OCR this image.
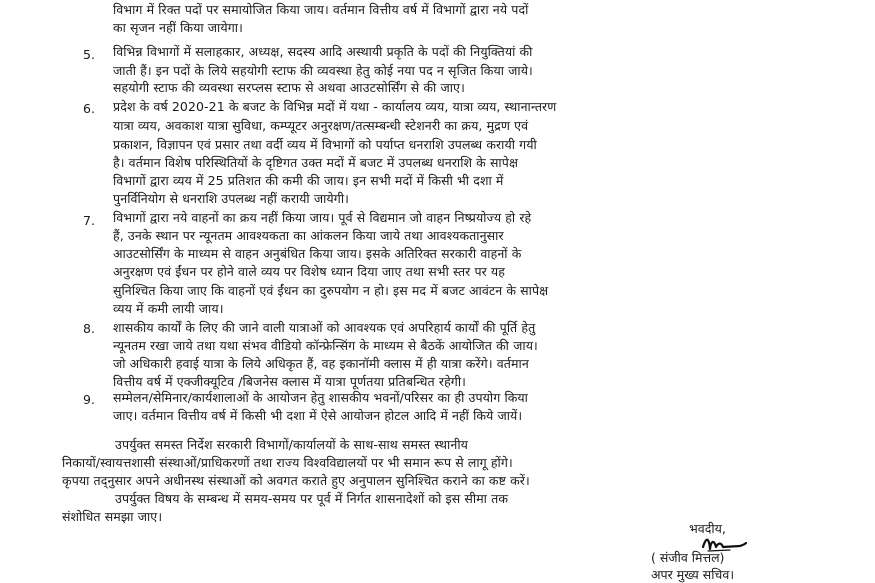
विभाग में रिक्त पदों पर समायोजित किया जाय। वर्तमान वित्तीय वर्ष में विभागों द्वारा नये पदों
का सृजन नहीं किया जायेगा।
5. विभिन्न विभागों में सलाहकार, अध्यक्ष, सदस्य आदि अस्थायी प्रकृति के पदों की नियुक्तियां की
जाती हैं। इन पदों के लिये सहयोगी स्टाफ की व्यवस्था हेतु कोई नया पद न सृजित किया जाये।
सहयोगी स्टाफ की व्यवस्था सरप्लस स्टाफ से अथवा आउटसोर्सिंग से की जाए।
6. प्रदेश के वर्ष 2020-21 के बजट के विभिन्न मदों में यथा - कार्यालय व्यय, यात्रा व्यय, स्थानान्तरण
यात्रा व्यय, अवकाश यात्रा सुविधा, कम्प्यूटर अनुरक्षण/तत्सम्बन्धी स्टेशनरी का क्रय, मुद्रण एवं
प्रकाशन, विज्ञापन एवं प्रसार तथा वर्दी व्यय में विभागों को पर्याप्त धनराशि उपलब्ध करायी गयी
है। वर्तमान विशेष परिस्थितियों के दृष्टिगत उक्त मदों में बजट में उपलब्ध धनराशि के सापेक्ष
विभागों द्वारा व्यय में 25 प्रतिशत की कमी की जाय। इन सभी मदों में किसी भी दशा में
पुनर्विनियोग से धनराशि उपलब्ध नहीं करायी जायेगी।
7. विभागों द्वारा नये वाहनों का क्रय नहीं किया जाय। पूर्व से विद्यमान जो वाहन निष्प्रयोज्य हो रहे
हैं, उनके स्थान पर न्यूनतम आवश्यकता का आंकलन किया जाये तथा आवश्यकतानुसार
आउटसोर्सिंग के माध्यम से वाहन अनुबंधित किया जाय। इसके अतिरिक्त सरकारी वाहनों के
अनुरक्षण एवं ईंधन पर होने वाले व्यय पर विशेष ध्यान दिया जाए तथा सभी स्तर पर यह
सुनिश्चित किया जाए कि वाहनों एवं ईंधन का दुरुपयोग न हो। इस मद में बजट आवंटन के सापेक्ष
व्यय में कमी लायी जाय।
8. शासकीय कार्यों के लिए की जाने वाली यात्राओं को आवश्यक एवं अपरिहार्य कार्यों की पूर्ति हेतु
न्यूनतम रखा जाये तथा यथा संभव वीडियो कॉन्फ्रेन्सिंग के माध्यम से बैठकें आयोजित की जाय।
जो अधिकारी हवाई यात्रा के लिये अधिकृत हैं, वह इकानॉमी क्लास में ही यात्रा करेंगे। वर्तमान
वित्तीय वर्ष में एक्जीक्यूटिव /बिजनेस क्लास में यात्रा पूर्णतया प्रतिबन्धित रहेगी।
9. सम्मेलन/सेमिनार/कार्यशालाओं के आयोजन हेतु शासकीय भवनों/परिसर का ही उपयोग किया
जाए। वर्तमान वित्तीय वर्ष में किसी भी दशा में ऐसे आयोजन होटल आदि में नहीं किये जायें।
उपर्युक्त समस्त निर्देश सरकारी विभागों/कार्यालयों के साथ-साथ समस्त स्थानीय
निकायों/स्वायत्तशासी संस्थाओं/प्राधिकरणों तथा राज्य विश्वविद्यालयों पर भी समान रूप से लागू होंगे।
कृपया तद्नुसार अपने अधीनस्थ संस्थाओं को अवगत कराते हुए अनुपालन सुनिश्चित कराने का कष्ट करें।
उपर्युक्त विषय के सम्बन्ध में समय-समय पर पूर्व में निर्गत शासनादेशों को इस सीमा तक
संशोधित समझा जाए।
भवदीय,
( संजीव मित्तल)
अपर मुख्य सचिव।
